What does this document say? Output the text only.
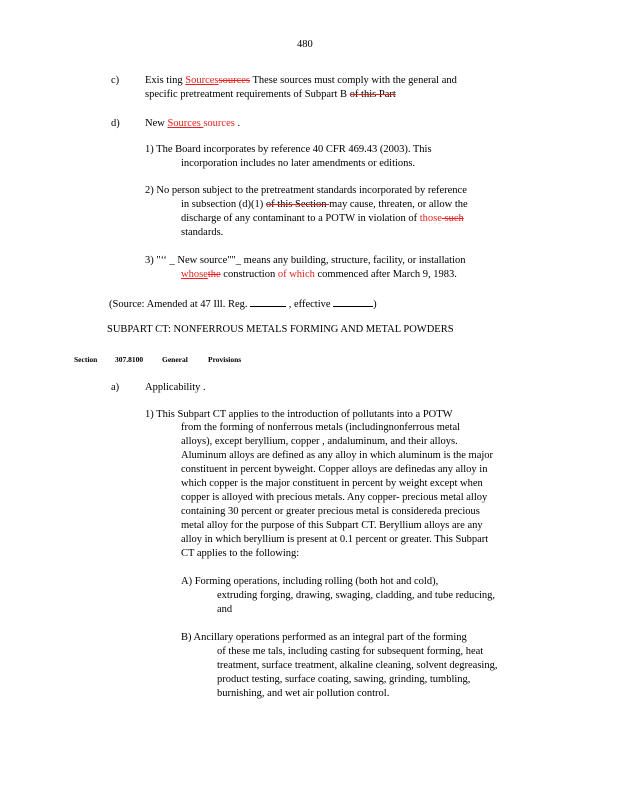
480
c) Exis ting Sourcessources These sources must comply with the general and
specific pretreatment requirements of Subpart B of this Part
d) New Sources sources .
1) The Board incorporates by reference 40 CFR 469.43 (2003). This
incorporation includes no later amendments or editions.
2) No person subject to the pretreatment standards incorporated by reference
in subsection (d)(1) of this Section may cause, threaten, or allow the
discharge of any contaminant to a POTW in violation of those such
standards.
3) "‘‘ _ New source""_ means any building, structure, facility, or installation
whosethe construction of which commenced after March 9, 1983.
(Source: Amended at 47 Ill. Reg.	, effective	)
SUBPART CT: NONFERROUS METALS FORMING AND METAL POWDERS
Section 307.8100	General	Provisions
a) Applicability .
1) This Subpart CT applies to the introduction of pollutants into a POTW
from the forming of nonferrous metals (includingnonferrous metal
alloys), except beryllium, copper , andaluminum, and their alloys.
Aluminum alloys are defined as any alloy in which aluminum is the major
constituent in percent byweight. Copper alloys are definedas any alloy in
which copper is the major constituent in percent by weight except when
copper is alloyed with precious metals. Any copper- precious metal alloy
containing 30 percent or greater precious metal is considereda precious
metal alloy for the purpose of this Subpart CT. Beryllium alloys are any
alloy in which beryllium is present at 0.1 percent or greater. This Subpart
CT applies to the following:
A) Forming operations, including rolling (both hot and cold),
extruding forging, drawing, swaging, cladding, and tube reducing,
and
B) Ancillary operations performed as an integral part of the forming
of these me tals, including casting for subsequent forming, heat
treatment, surface treatment, alkaline cleaning, solvent degreasing,
product testing, surface coating, sawing, grinding, tumbling,
burnishing, and wet air pollution control.
